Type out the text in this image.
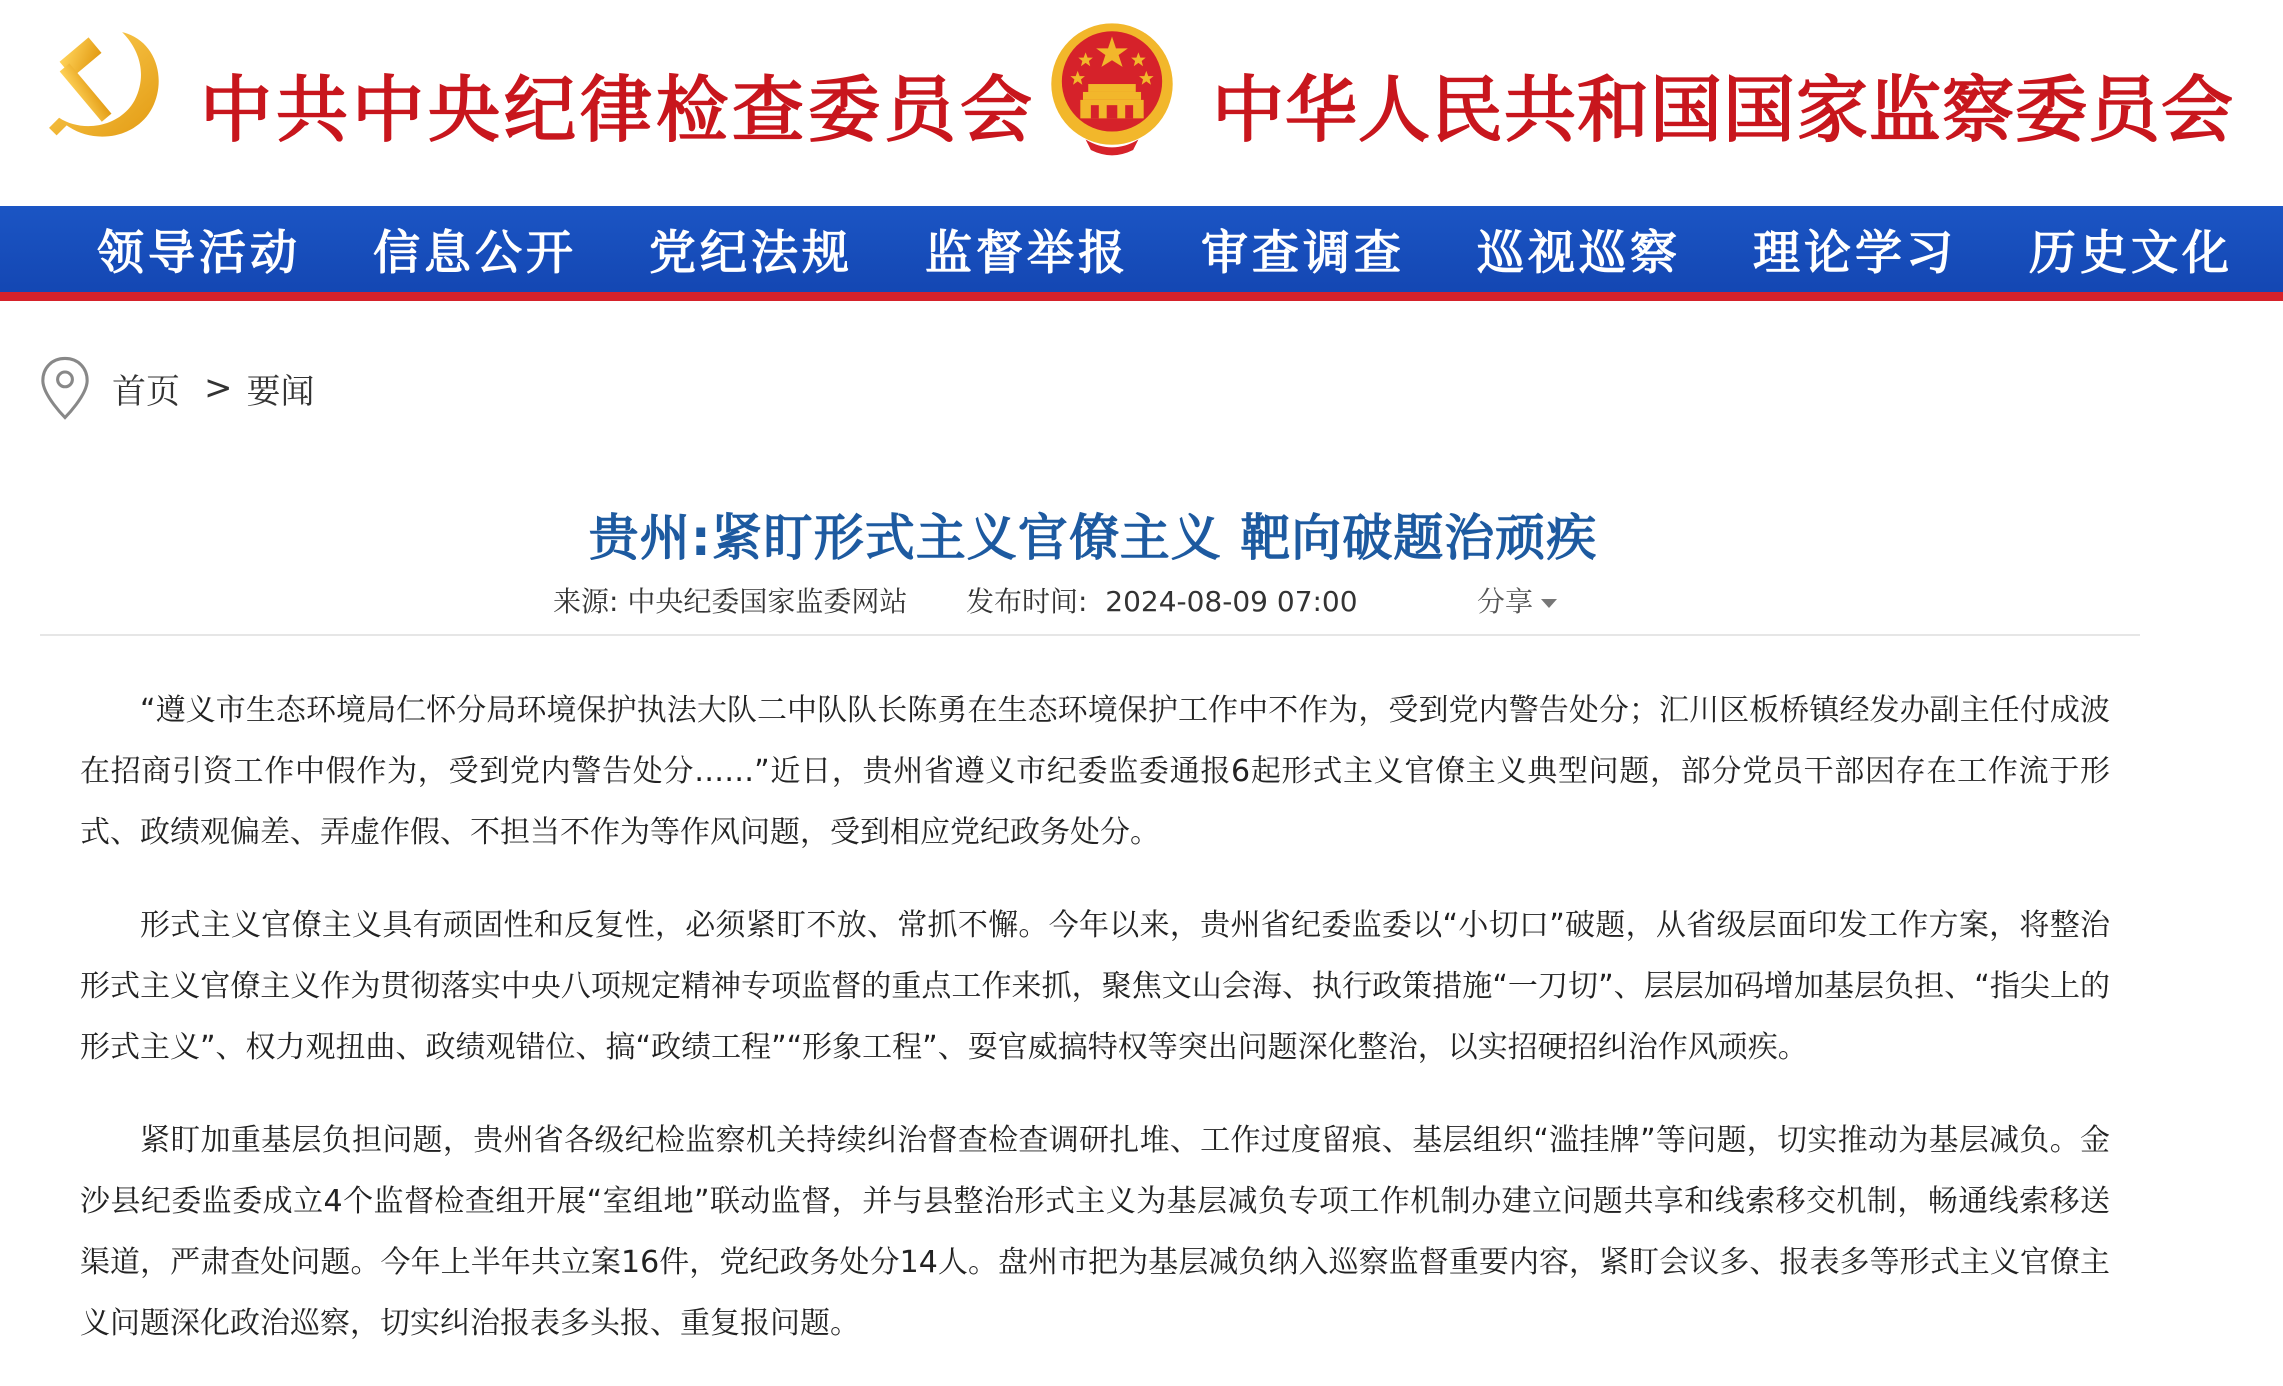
中共中央纪律检查委员会 中华人民共和国国家监察委员会
领导活动 信息公开 党纪法规 监督举报 审查调查 巡视巡察 理论学习 历史文化
首页 > 要闻
贵州:紧盯形式主义官僚主义 靶向破题治顽疾
来源: 中央纪委国家监委网站 发布时间: 2024-08-09 07:00	分享

“遵义市生态环境局仁怀分局环境保护执法大队二中队队长陈勇在生态环境保护工作中不作为，受到党内警告处分；汇川区板桥镇经发办副主任付成波在招商引资工作中假作为，受到党内警告处分……”近日，贵州省遵义市纪委监委通报6起形式主义官僚主义典型问题，部分党员干部因存在工作流于形式、政绩观偏差、弄虚作假、不担当不作为等作风问题，受到相应党纪政务处分。

形式主义官僚主义具有顽固性和反复性，必须紧盯不放、常抓不懈。今年以来，贵州省纪委监委以“小切口”破题，从省级层面印发工作方案，将整治形式主义官僚主义作为贯彻落实中央八项规定精神专项监督的重点工作来抓，聚焦文山会海、执行政策措施“一刀切”、层层加码增加基层负担、“指尖上的形式主义”、权力观扭曲、政绩观错位、搞“政绩工程”“形象工程”、耍官威搞特权等突出问题深化整治，以实招硬招纠治作风顽疾。

紧盯加重基层负担问题，贵州省各级纪检监察机关持续纠治督查检查调研扎堆、工作过度留痕、基层组织“滥挂牌”等问题，切实推动为基层减负。金沙县纪委监委成立4个监督检查组开展“室组地”联动监督，并与县整治形式主义为基层减负专项工作机制办建立问题共享和线索移交机制，畅通线索移送渠道，严肃查处问题。今年上半年共立案16件，党纪政务处分14人。盘州市把为基层减负纳入巡察监督重要内容，紧盯会议多、报表多等形式主义官僚主义问题深化政治巡察，切实纠治报表多头报、重复报问题。
